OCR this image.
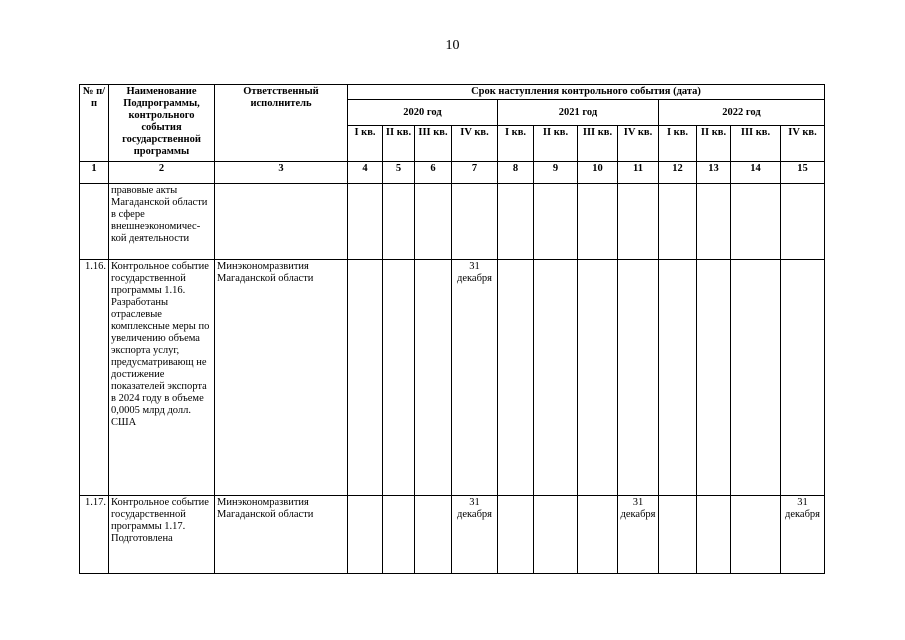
10
№ п/п	Наименование Подпрограммы, контрольного события государственной программы	Ответственный исполнитель	Срок наступления контрольного события (дата)											
			2020 год				2021 год				2022 год			
			I кв.	II кв.	III кв.	IV кв.	I кв.	II кв.	III кв.	IV кв.	I кв.	II кв.	III кв.	IV кв.
1	2	3	4	5	6	7	8	9	10	11	12	13	14	15
	правовые акты Магаданской области в сфере внешнеэкономической деятельности													
1.16.	Контрольное событие государственной программы 1.16. Разработаны отраслевые комплексные меры по увеличению объема экспорта услуг, предусматривающ не достижение показателей экспорта в 2024 году в объеме 0,0005 млрд долл. США	Минэкономразвития Магаданской области				31 декабря								
1.17.	Контрольное событие государственной программы 1.17. Подготовлена	Минэкономразвития Магаданской области				31 декабря				31 декабря				31 декабря
